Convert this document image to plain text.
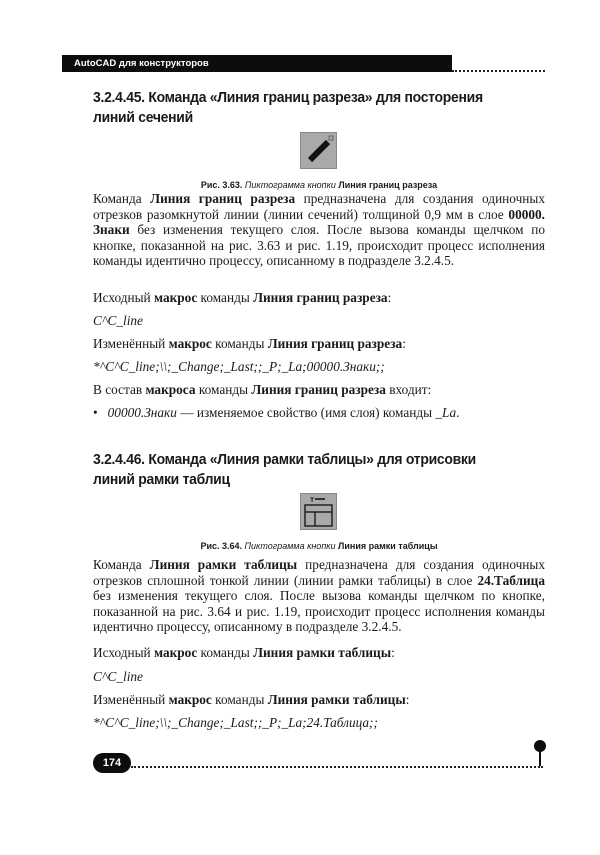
AutoCAD для конструкторов
3.2.4.45. Команда «Линия границ разреза» для посторения линий сечений
Рис. 3.63. Пиктограмма кнопки Линия границ разреза
Команда Линия границ разреза предназначена для создания одиночных отрезков разомкнутой линии (линии сечений) толщиной 0,9 мм в слое 00000. Знаки без изменения текущего слоя. После вызова команды щелчком по кнопке, показанной на рис. 3.63 и рис. 1.19, происходит процесс исполнения команды идентично процессу, описанному в подразделе 3.2.4.5.
Исходный макрос команды Линия границ разреза:
C^C_line
Изменённый макрос команды Линия границ разреза:
*^C^C_line;\\;_Change;_Last;;_P;_La;00000.Знаки;;
В состав макроса команды Линия границ разреза входит:
•   00000.Знаки — изменяемое свойство (имя слоя) команды _La.
3.2.4.46. Команда «Линия рамки таблицы» для отрисовки линий рамки таблиц
T
Рис. 3.64. Пиктограмма кнопки Линия рамки таблицы
Команда Линия рамки таблицы предназначена для создания одиночных отрезков сплошной тонкой линии (линии рамки таблицы) в слое 24.Таблица без изменения текущего слоя. После вызова команды щелчком по кнопке, показанной на рис. 3.64 и рис. 1.19, происходит процесс исполнения команды идентично процессу, описанному в подразделе 3.2.4.5.
Исходный макрос команды Линия рамки таблицы:
C^C_line
Изменённый макрос команды Линия рамки таблицы:
*^C^C_line;\\;_Change;_Last;;_P;_La;24.Таблица;;
174
